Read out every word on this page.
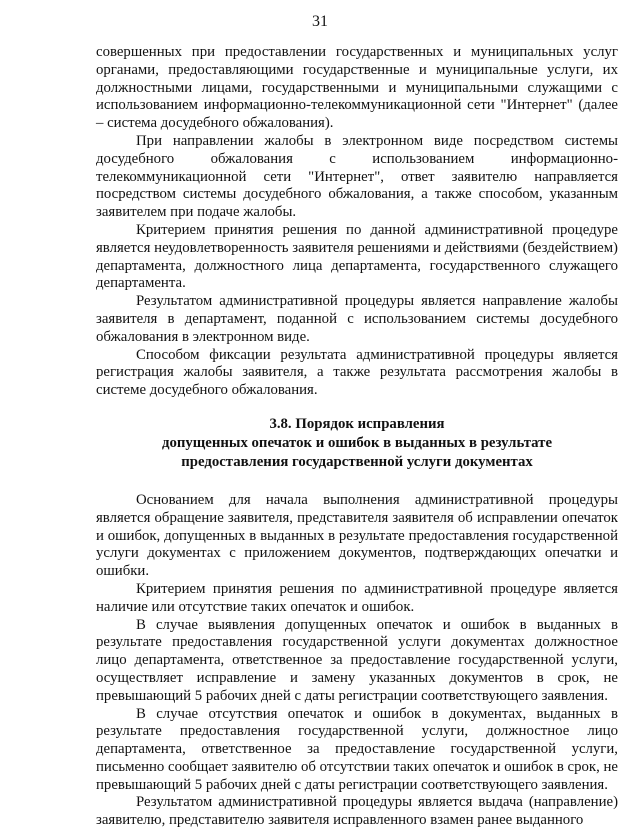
31

совершенных при предоставлении государственных и муниципальных услуг органами, предоставляющими государственные и муниципальные услуги, их должностными лицами, государственными и муниципальными служащими с использованием информационно-телекоммуникационной сети "Интернет" (далее – система досудебного обжалования).

При направлении жалобы в электронном виде посредством системы досудебного обжалования с использованием информационно-телекоммуникационной сети "Интернет", ответ заявителю направляется посредством системы досудебного обжалования, а также способом, указанным заявителем при подаче жалобы.

Критерием принятия решения по данной административной процедуре является неудовлетворенность заявителя решениями и действиями (бездействием) департамента, должностного лица департамента, государственного служащего департамента.

Результатом административной процедуры является направление жалобы заявителя в департамент, поданной с использованием системы досудебного обжалования в электронном виде.

Способом фиксации результата административной процедуры является регистрация жалобы заявителя, а также результата рассмотрения жалобы в системе досудебного обжалования.

3.8. Порядок исправления
допущенных опечаток и ошибок в выданных в результате
предоставления государственной услуги документах

Основанием для начала выполнения административной процедуры является обращение заявителя, представителя заявителя об исправлении опечаток и ошибок, допущенных в выданных в результате предоставления государственной услуги документах с приложением документов, подтверждающих опечатки и ошибки.

Критерием принятия решения по административной процедуре является наличие или отсутствие таких опечаток и ошибок.

В случае выявления допущенных опечаток и ошибок в выданных в результате предоставления государственной услуги документах должностное лицо департамента, ответственное за предоставление государственной услуги, осуществляет исправление и замену указанных документов в срок, не превышающий 5 рабочих дней с даты регистрации соответствующего заявления.

В случае отсутствия опечаток и ошибок в документах, выданных в результате предоставления государственной услуги, должностное лицо департамента, ответственное за предоставление государственной услуги, письменно сообщает заявителю об отсутствии таких опечаток и ошибок в срок, не превышающий 5 рабочих дней с даты регистрации соответствующего заявления.

Результатом административной процедуры является выдача (направление) заявителю, представителю заявителя исправленного взамен ранее выданного
